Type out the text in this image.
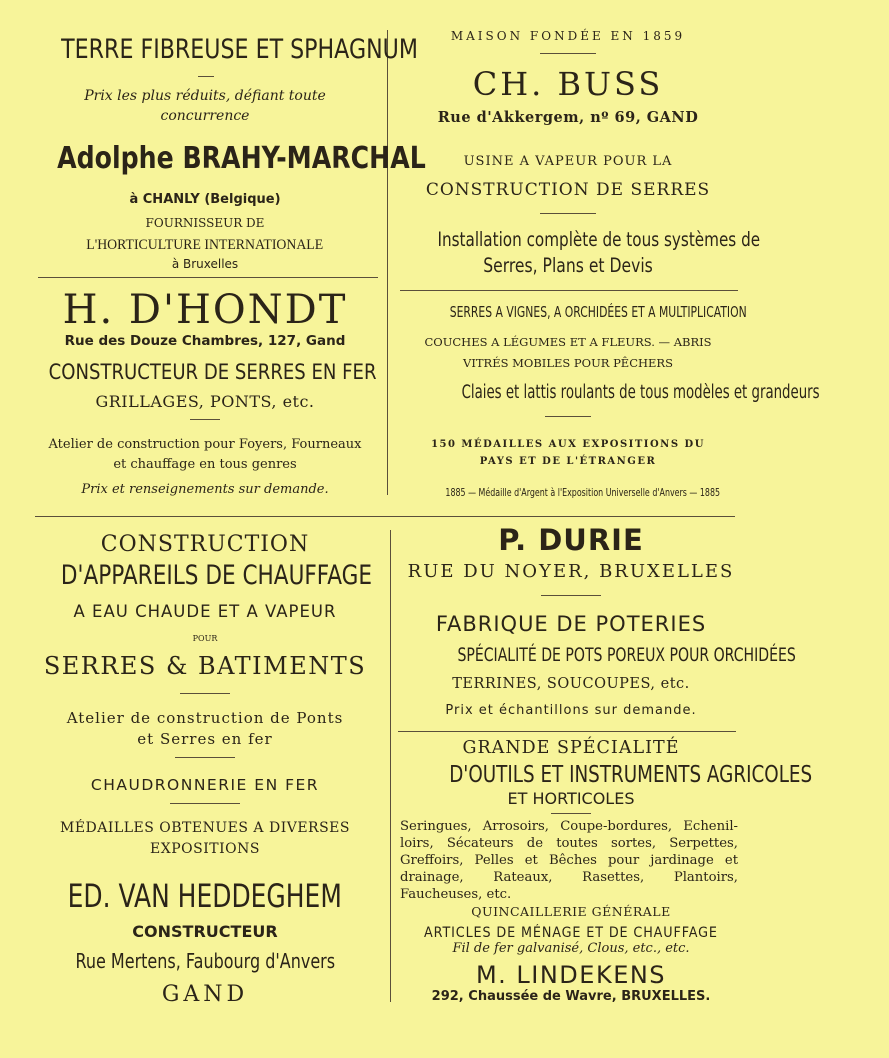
TERRE FIBREUSE ET SPHAGNUM
Prix les plus réduits, défiant toute
concurrence
Adolphe BRAHY-MARCHAL
à CHANLY (Belgique)
FOURNISSEUR DE
L'HORTICULTURE INTERNATIONALE
à Bruxelles
H. D'HONDT
Rue des Douze Chambres, 127, Gand
CONSTRUCTEUR DE SERRES EN FER
GRILLAGES, PONTS, etc.
Atelier de construction pour Foyers, Fourneaux
et chauffage en tous genres
Prix et renseignements sur demande.
MAISON FONDÉE EN 1859
CH. BUSS
Rue d'Akkergem, nº 69, GAND
USINE A VAPEUR POUR LA
CONSTRUCTION DE SERRES
Installation complète de tous systèmes de
Serres, Plans et Devis
SERRES A VIGNES, A ORCHIDÉES ET A MULTIPLICATION
COUCHES A LÉGUMES ET A FLEURS. — ABRIS
VITRÉS MOBILES POUR PÊCHERS
Claies et lattis roulants de tous modèles et grandeurs
150 MÉDAILLES AUX EXPOSITIONS DU
PAYS ET DE L'ÉTRANGER
1885 — Médaille d'Argent à l'Exposition Universelle d'Anvers — 1885
CONSTRUCTION
D'APPAREILS DE CHAUFFAGE
A EAU CHAUDE ET A VAPEUR
POUR
SERRES & BATIMENTS
Atelier de construction de Ponts
et Serres en fer
CHAUDRONNERIE EN FER
MÉDAILLES OBTENUES A DIVERSES
EXPOSITIONS
ED. VAN HEDDEGHEM
CONSTRUCTEUR
Rue Mertens, Faubourg d'Anvers
GAND
P. DURIE
RUE DU NOYER, BRUXELLES
FABRIQUE DE POTERIES
SPÉCIALITÉ DE POTS POREUX POUR ORCHIDÉES
TERRINES, SOUCOUPES, etc.
Prix et échantillons sur demande.
GRANDE SPÉCIALITÉ
D'OUTILS ET INSTRUMENTS AGRICOLES
ET HORTICOLES
Seringues, Arrosoirs, Coupe-bordures, Echenil-loirs, Sécateurs de toutes sortes, Serpettes, Greffoirs, Pelles et Bêches pour jardinage et drainage, Rateaux, Rasettes, Plantoirs, Faucheuses, etc.
QUINCAILLERIE GÉNÉRALE
ARTICLES DE MÉNAGE ET DE CHAUFFAGE
Fil de fer galvanisé, Clous, etc., etc.
M. LINDEKENS
292, Chaussée de Wavre, BRUXELLES.
